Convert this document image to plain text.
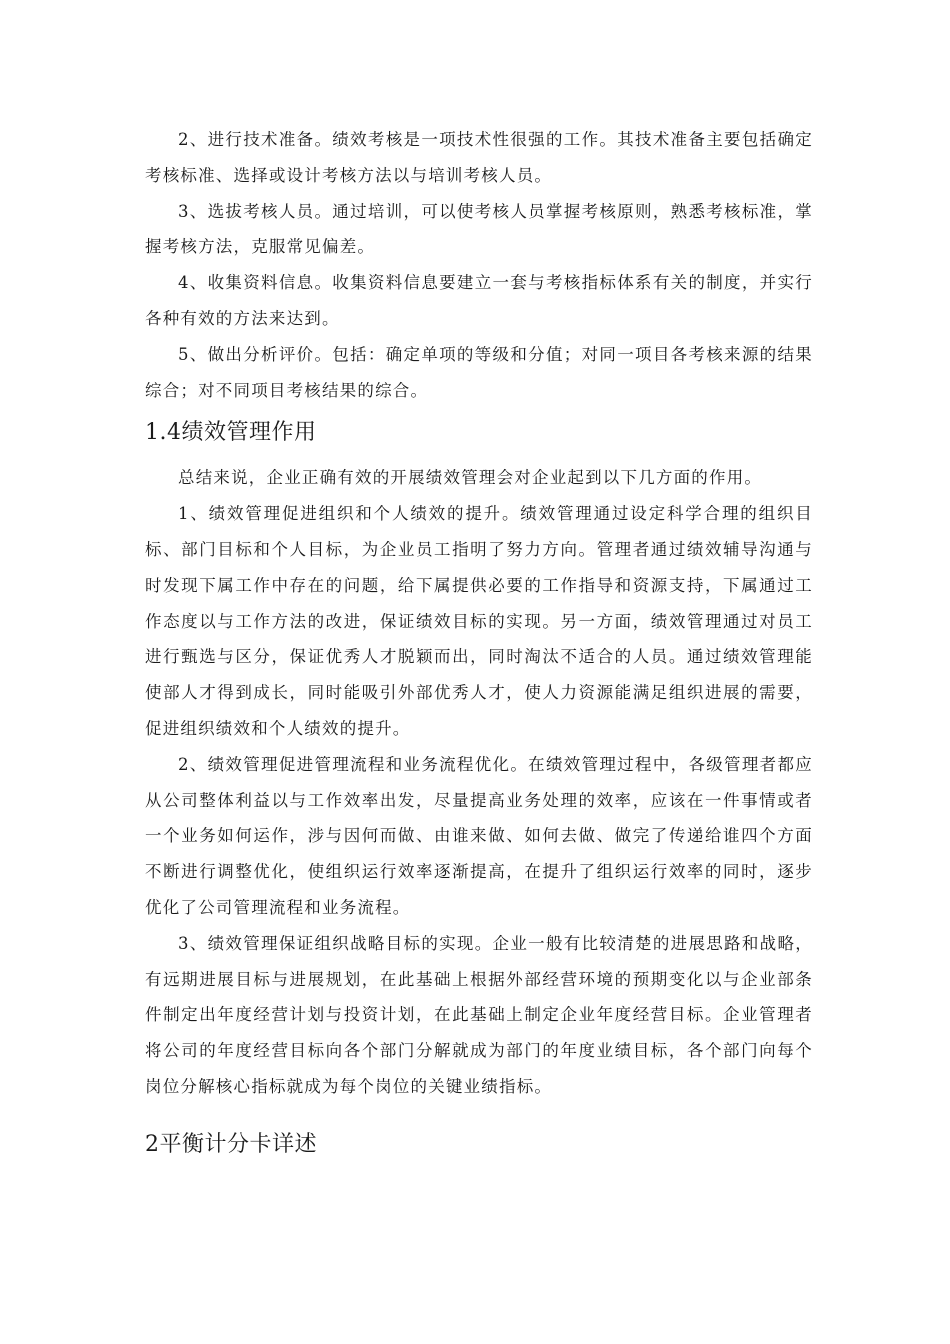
2、进行技术准备。绩效考核是一项技术性很强的工作。其技术准备主要包括确定考核标准、选择或设计考核方法以与培训考核人员。

3、选拔考核人员。通过培训，可以使考核人员掌握考核原则，熟悉考核标准，掌握考核方法，克服常见偏差。

4、收集资料信息。收集资料信息要建立一套与考核指标体系有关的制度，并实行各种有效的方法来达到。

5、做出分析评价。包括：确定单项的等级和分值；对同一项目各考核来源的结果综合；对不同项目考核结果的综合。

1.4绩效管理作用

总结来说，企业正确有效的开展绩效管理会对企业起到以下几方面的作用。

1、绩效管理促进组织和个人绩效的提升。绩效管理通过设定科学合理的组织目标、部门目标和个人目标，为企业员工指明了努力方向。管理者通过绩效辅导沟通与时发现下属工作中存在的问题，给下属提供必要的工作指导和资源支持，下属通过工作态度以与工作方法的改进，保证绩效目标的实现。另一方面，绩效管理通过对员工进行甄选与区分，保证优秀人才脱颖而出，同时淘汰不适合的人员。通过绩效管理能使部人才得到成长，同时能吸引外部优秀人才，使人力资源能满足组织进展的需要，促进组织绩效和个人绩效的提升。

2、绩效管理促进管理流程和业务流程优化。在绩效管理过程中，各级管理者都应从公司整体利益以与工作效率出发，尽量提高业务处理的效率，应该在一件事情或者一个业务如何运作，涉与因何而做、由谁来做、如何去做、做完了传递给谁四个方面不断进行调整优化，使组织运行效率逐渐提高，在提升了组织运行效率的同时，逐步优化了公司管理流程和业务流程。

3、绩效管理保证组织战略目标的实现。企业一般有比较清楚的进展思路和战略，有远期进展目标与进展规划，在此基础上根据外部经营环境的预期变化以与企业部条件制定出年度经营计划与投资计划，在此基础上制定企业年度经营目标。企业管理者将公司的年度经营目标向各个部门分解就成为部门的年度业绩目标，各个部门向每个岗位分解核心指标就成为每个岗位的关键业绩指标。

2平衡计分卡详述
